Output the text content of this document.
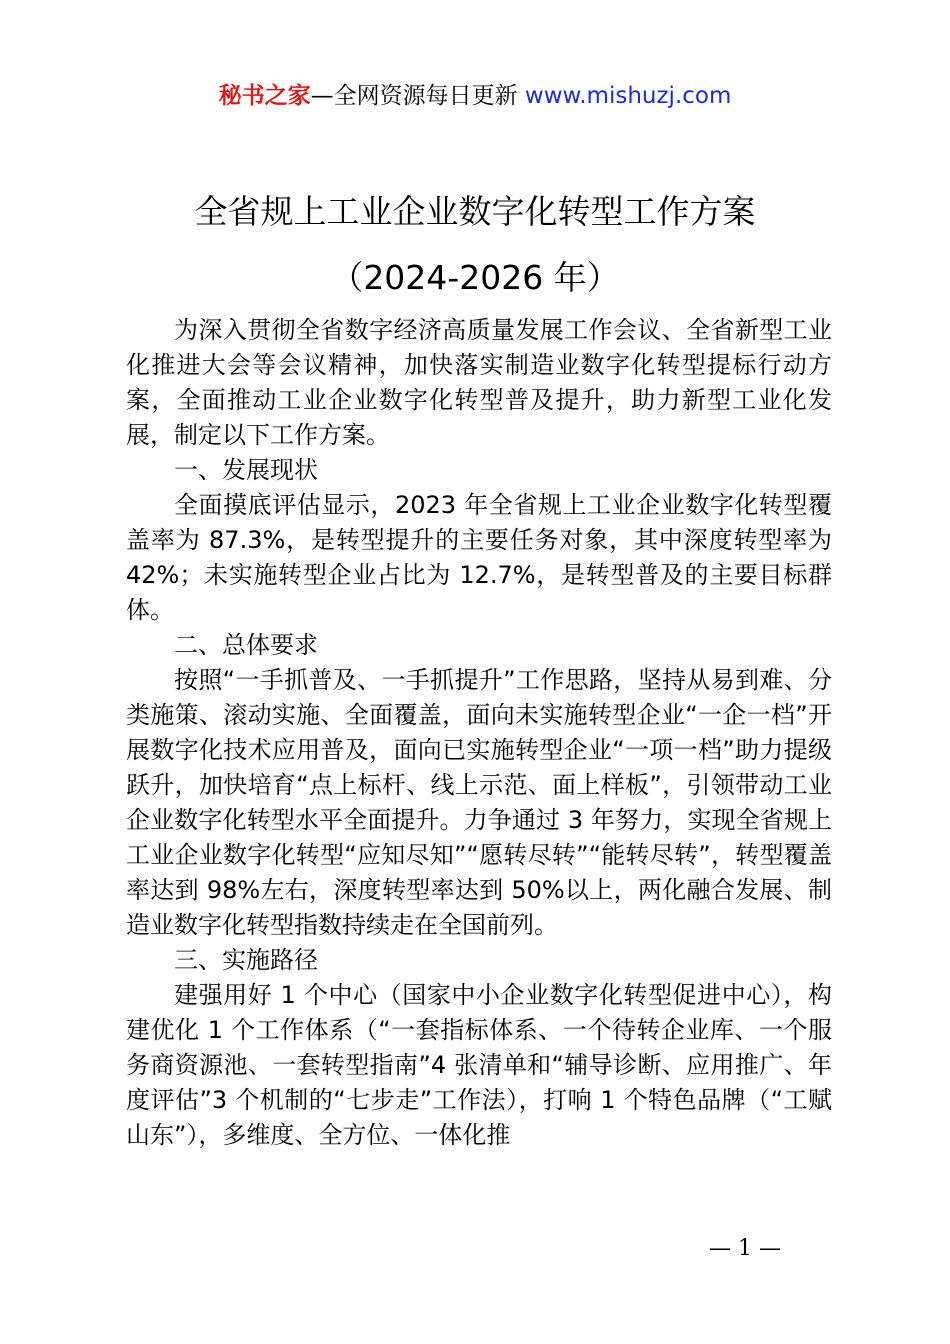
秘书之家—全网资源每日更新 www.mishuzj.com
全省规上工业企业数字化转型工作方案
（2024-2026 年）

为深入贯彻全省数字经济高质量发展工作会议、全省新型工业化推进大会等会议精神，加快落实制造业数字化转型提标行动方案，全面推动工业企业数字化转型普及提升，助力新型工业化发展，制定以下工作方案。

一、发展现状

全面摸底评估显示，2023 年全省规上工业企业数字化转型覆盖率为 87.3%，是转型提升的主要任务对象，其中深度转型率为 42%；未实施转型企业占比为 12.7%，是转型普及的主要目标群体。

二、总体要求

按照“一手抓普及、一手抓提升”工作思路，坚持从易到难、分类施策、滚动实施、全面覆盖，面向未实施转型企业“一企一档”开展数字化技术应用普及，面向已实施转型企业“一项一档”助力提级跃升，加快培育“点上标杆、线上示范、面上样板”，引领带动工业企业数字化转型水平全面提升。力争通过 3 年努力，实现全省规上工业企业数字化转型“应知尽知”“愿转尽转”“能转尽转”，转型覆盖率达到 98%左右，深度转型率达到 50%以上，两化融合发展、制造业数字化转型指数持续走在全国前列。

三、实施路径

建强用好 1 个中心（国家中小企业数字化转型促进中心），构建优化 1 个工作体系（“一套指标体系、一个待转企业库、一个服务商资源池、一套转型指南”4 张清单和“辅导诊断、应用推广、年度评估”3 个机制的“七步走”工作法），打响 1 个特色品牌（“工赋山东”），多维度、全方位、一体化推

— 1 —
